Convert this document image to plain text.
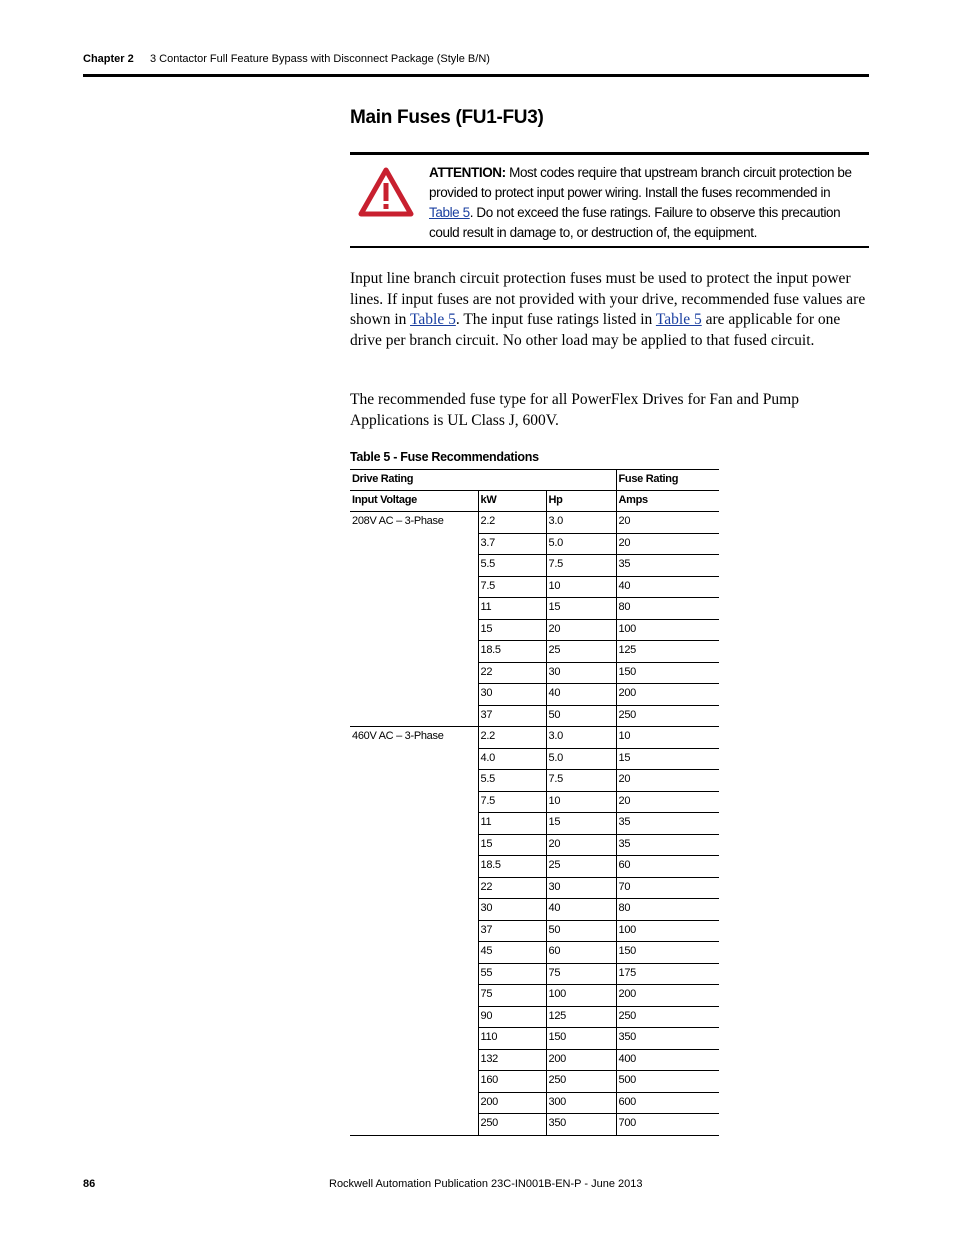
Chapter 2 3 Contactor Full Feature Bypass with Disconnect Package (Style B/N)
Main Fuses (FU1-FU3)
ATTENTION: Most codes require that upstream branch circuit protection be provided to protect input power wiring. Install the fuses recommended in Table 5. Do not exceed the fuse ratings. Failure to observe this precaution could result in damage to, or destruction of, the equipment.

Input line branch circuit protection fuses must be used to protect the input power lines. If input fuses are not provided with your drive, recommended fuse values are shown in Table 5. The input fuse ratings listed in Table 5 are applicable for one drive per branch circuit. No other load may be applied to that fused circuit.

The recommended fuse type for all PowerFlex Drives for Fan and Pump Applications is UL Class J, 600V.

Table 5 - Fuse Recommendations
Drive Rating			Fuse Rating
Input Voltage	kW	Hp	Amps
208V AC – 3-Phase	2.2	3.0	20
	3.7	5.0	20
	5.5	7.5	35
	7.5	10	40
	11	15	80
	15	20	100
	18.5	25	125
	22	30	150
	30	40	200
	37	50	250
460V AC – 3-Phase	2.2	3.0	10
	4.0	5.0	15
	5.5	7.5	20
	7.5	10	20
	11	15	35
	15	20	35
	18.5	25	60
	22	30	70
	30	40	80
	37	50	100
	45	60	150
	55	75	175
	75	100	200
	90	125	250
	110	150	350
	132	200	400
	160	250	500
	200	300	600
	250	350	700
86	Rockwell Automation Publication 23C-IN001B-EN-P - June 2013
